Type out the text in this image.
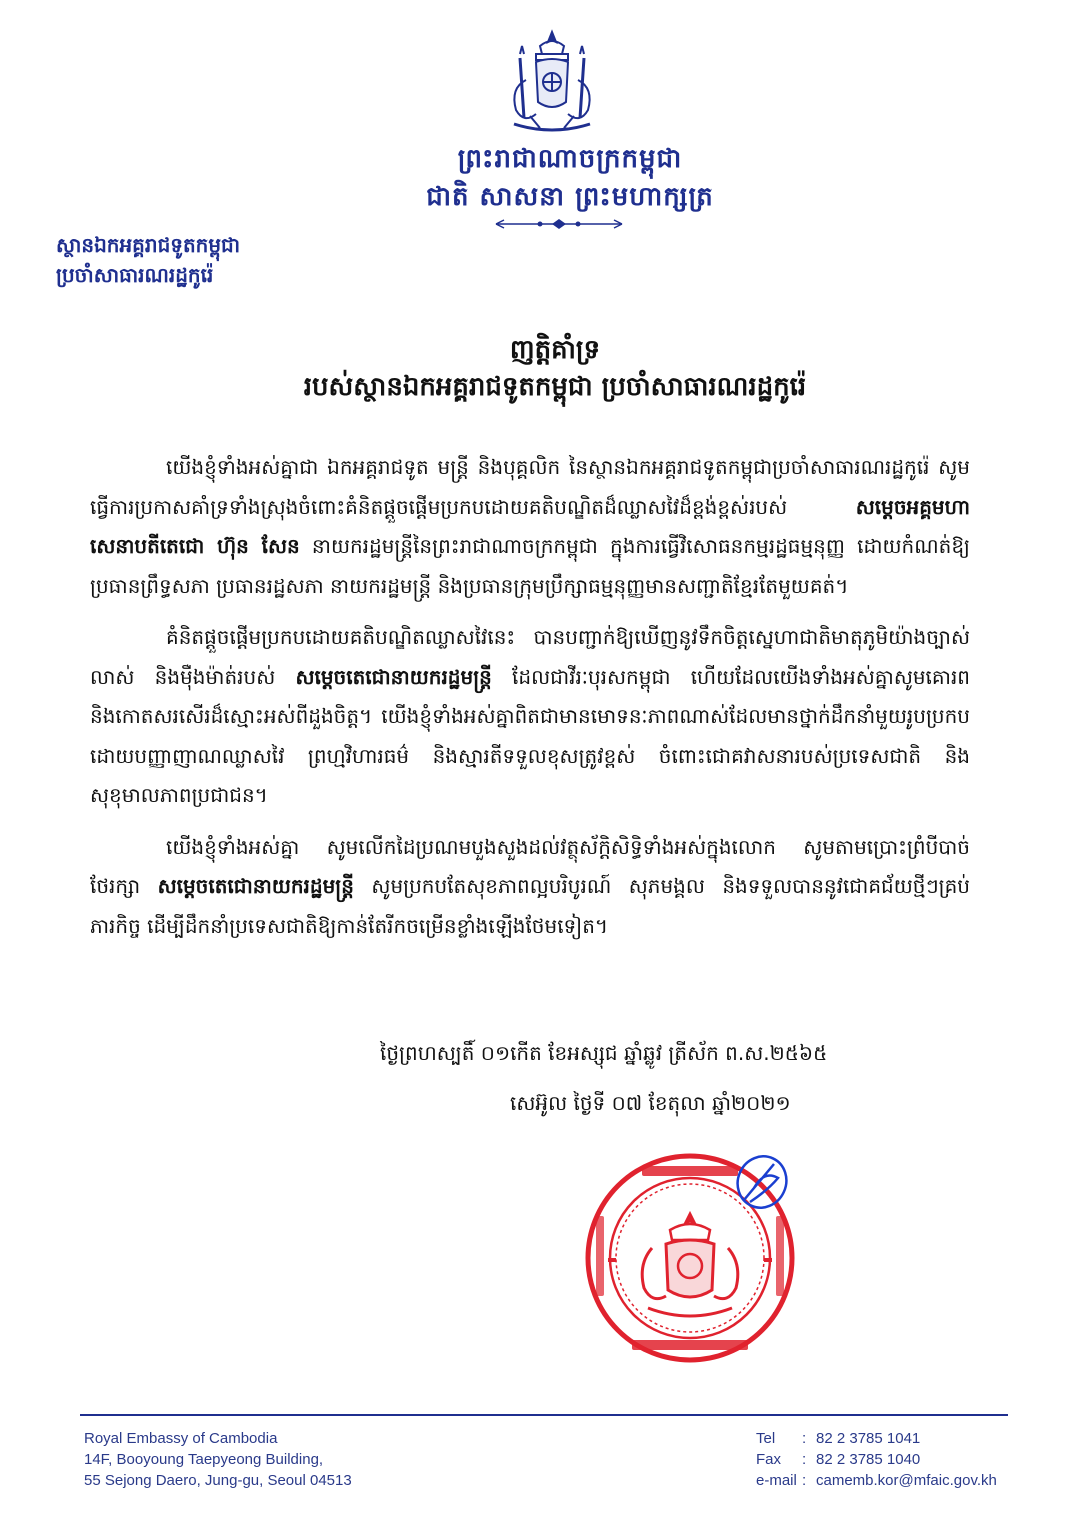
ព្រះរាជាណាចក្រកម្ពុជា
ជាតិ សាសនា ព្រះមហាក្សត្រ
ស្ថានឯកអគ្គរាជទូតកម្ពុជា
ប្រចាំសាធារណរដ្ឋកូរ៉េ
ញត្តិគាំទ្រ
របស់ស្ថានឯកអគ្គរាជទូតកម្ពុជា ប្រចាំសាធារណរដ្ឋកូរ៉េ

យើងខ្ញុំទាំងអស់គ្នាជា ឯកអគ្គរាជទូត មន្ត្រី និងបុគ្គលិក នៃស្ថានឯកអគ្គរាជទូតកម្ពុជាប្រចាំសាធារណរដ្ឋកូរ៉េ សូមធ្វើការប្រកាសគាំទ្រទាំងស្រុងចំពោះគំនិតផ្តួចផ្តើមប្រកបដោយគតិបណ្ឌិតដ៏ឈ្លាសវៃដ៏ខ្ពង់ខ្ពស់របស់ សម្តេចអគ្គមហាសេនាបតីតេជោ ហ៊ុន សែន នាយករដ្ឋមន្ត្រីនៃព្រះរាជាណាចក្រកម្ពុជា ក្នុងការធ្វើវិសោធនកម្មរដ្ឋធម្មនុញ្ញ ដោយកំណត់ឱ្យប្រធានព្រឹទ្ធសភា ប្រធានរដ្ឋសភា នាយករដ្ឋមន្ត្រី និងប្រធានក្រុមប្រឹក្សាធម្មនុញ្ញមានសញ្ជាតិខ្មែរតែមួយគត់។

គំនិតផ្តួចផ្តើមប្រកបដោយគតិបណ្ឌិតឈ្លាសវៃនេះ បានបញ្ជាក់ឱ្យឃើញនូវទឹកចិត្តស្នេហាជាតិមាតុភូមិយ៉ាងច្បាស់លាស់ និងម៉ឺងម៉ាត់របស់ សម្តេចតេជោនាយករដ្ឋមន្ត្រី ដែលជាវីរៈបុរសកម្ពុជា ហើយដែលយើងទាំងអស់គ្នាសូមគោរព និងកោតសរសើរដ៏ស្មោះអស់ពីដួងចិត្ត។ យើងខ្ញុំទាំងអស់គ្នាពិតជាមានមោទនៈភាពណាស់ដែលមានថ្នាក់ដឹកនាំមួយរូបប្រកបដោយបញ្ញាញាណឈ្លាសវៃ ព្រហ្មវិហារធម៌ និងស្មារតីទទួលខុសត្រូវខ្ពស់ ចំពោះជោគវាសនារបស់ប្រទេសជាតិ និងសុខុមាលភាពប្រជាជន។

យើងខ្ញុំទាំងអស់គ្នា សូមលើកដៃប្រណមបួងសួងដល់វត្ថុស័ក្តិសិទ្ធិទាំងអស់ក្នុងលោក សូមតាមប្រោះព្រំបីបាច់ថែរក្សា សម្តេចតេជោនាយករដ្ឋមន្ត្រី សូមប្រកបតែសុខភាពល្អបរិបូរណ៍ សុភមង្គល និងទទួលបាននូវជោគជ័យថ្មីៗគ្រប់ភារកិច្ច ដើម្បីដឹកនាំប្រទេសជាតិឱ្យកាន់តែរីកចម្រើនខ្លាំងឡើងថែមទៀត។

ថ្ងៃព្រហស្បតិ៍ ០១កើត ខែអស្សុជ ឆ្នាំឆ្លូវ ត្រីស័ក ព.ស.២៥៦៥
សេអ៊ូល ថ្ងៃទី ០៧ ខែតុលា ឆ្នាំ២០២១
Royal Embassy of Cambodia
14F, Booyoung Taepyeong Building,
55 Sejong Daero, Jung-gu, Seoul 04513
Tel	: 82 2 3785 1041
Fax	: 82 2 3785 1040
e-mail : camemb.kor@mfaic.gov.kh
